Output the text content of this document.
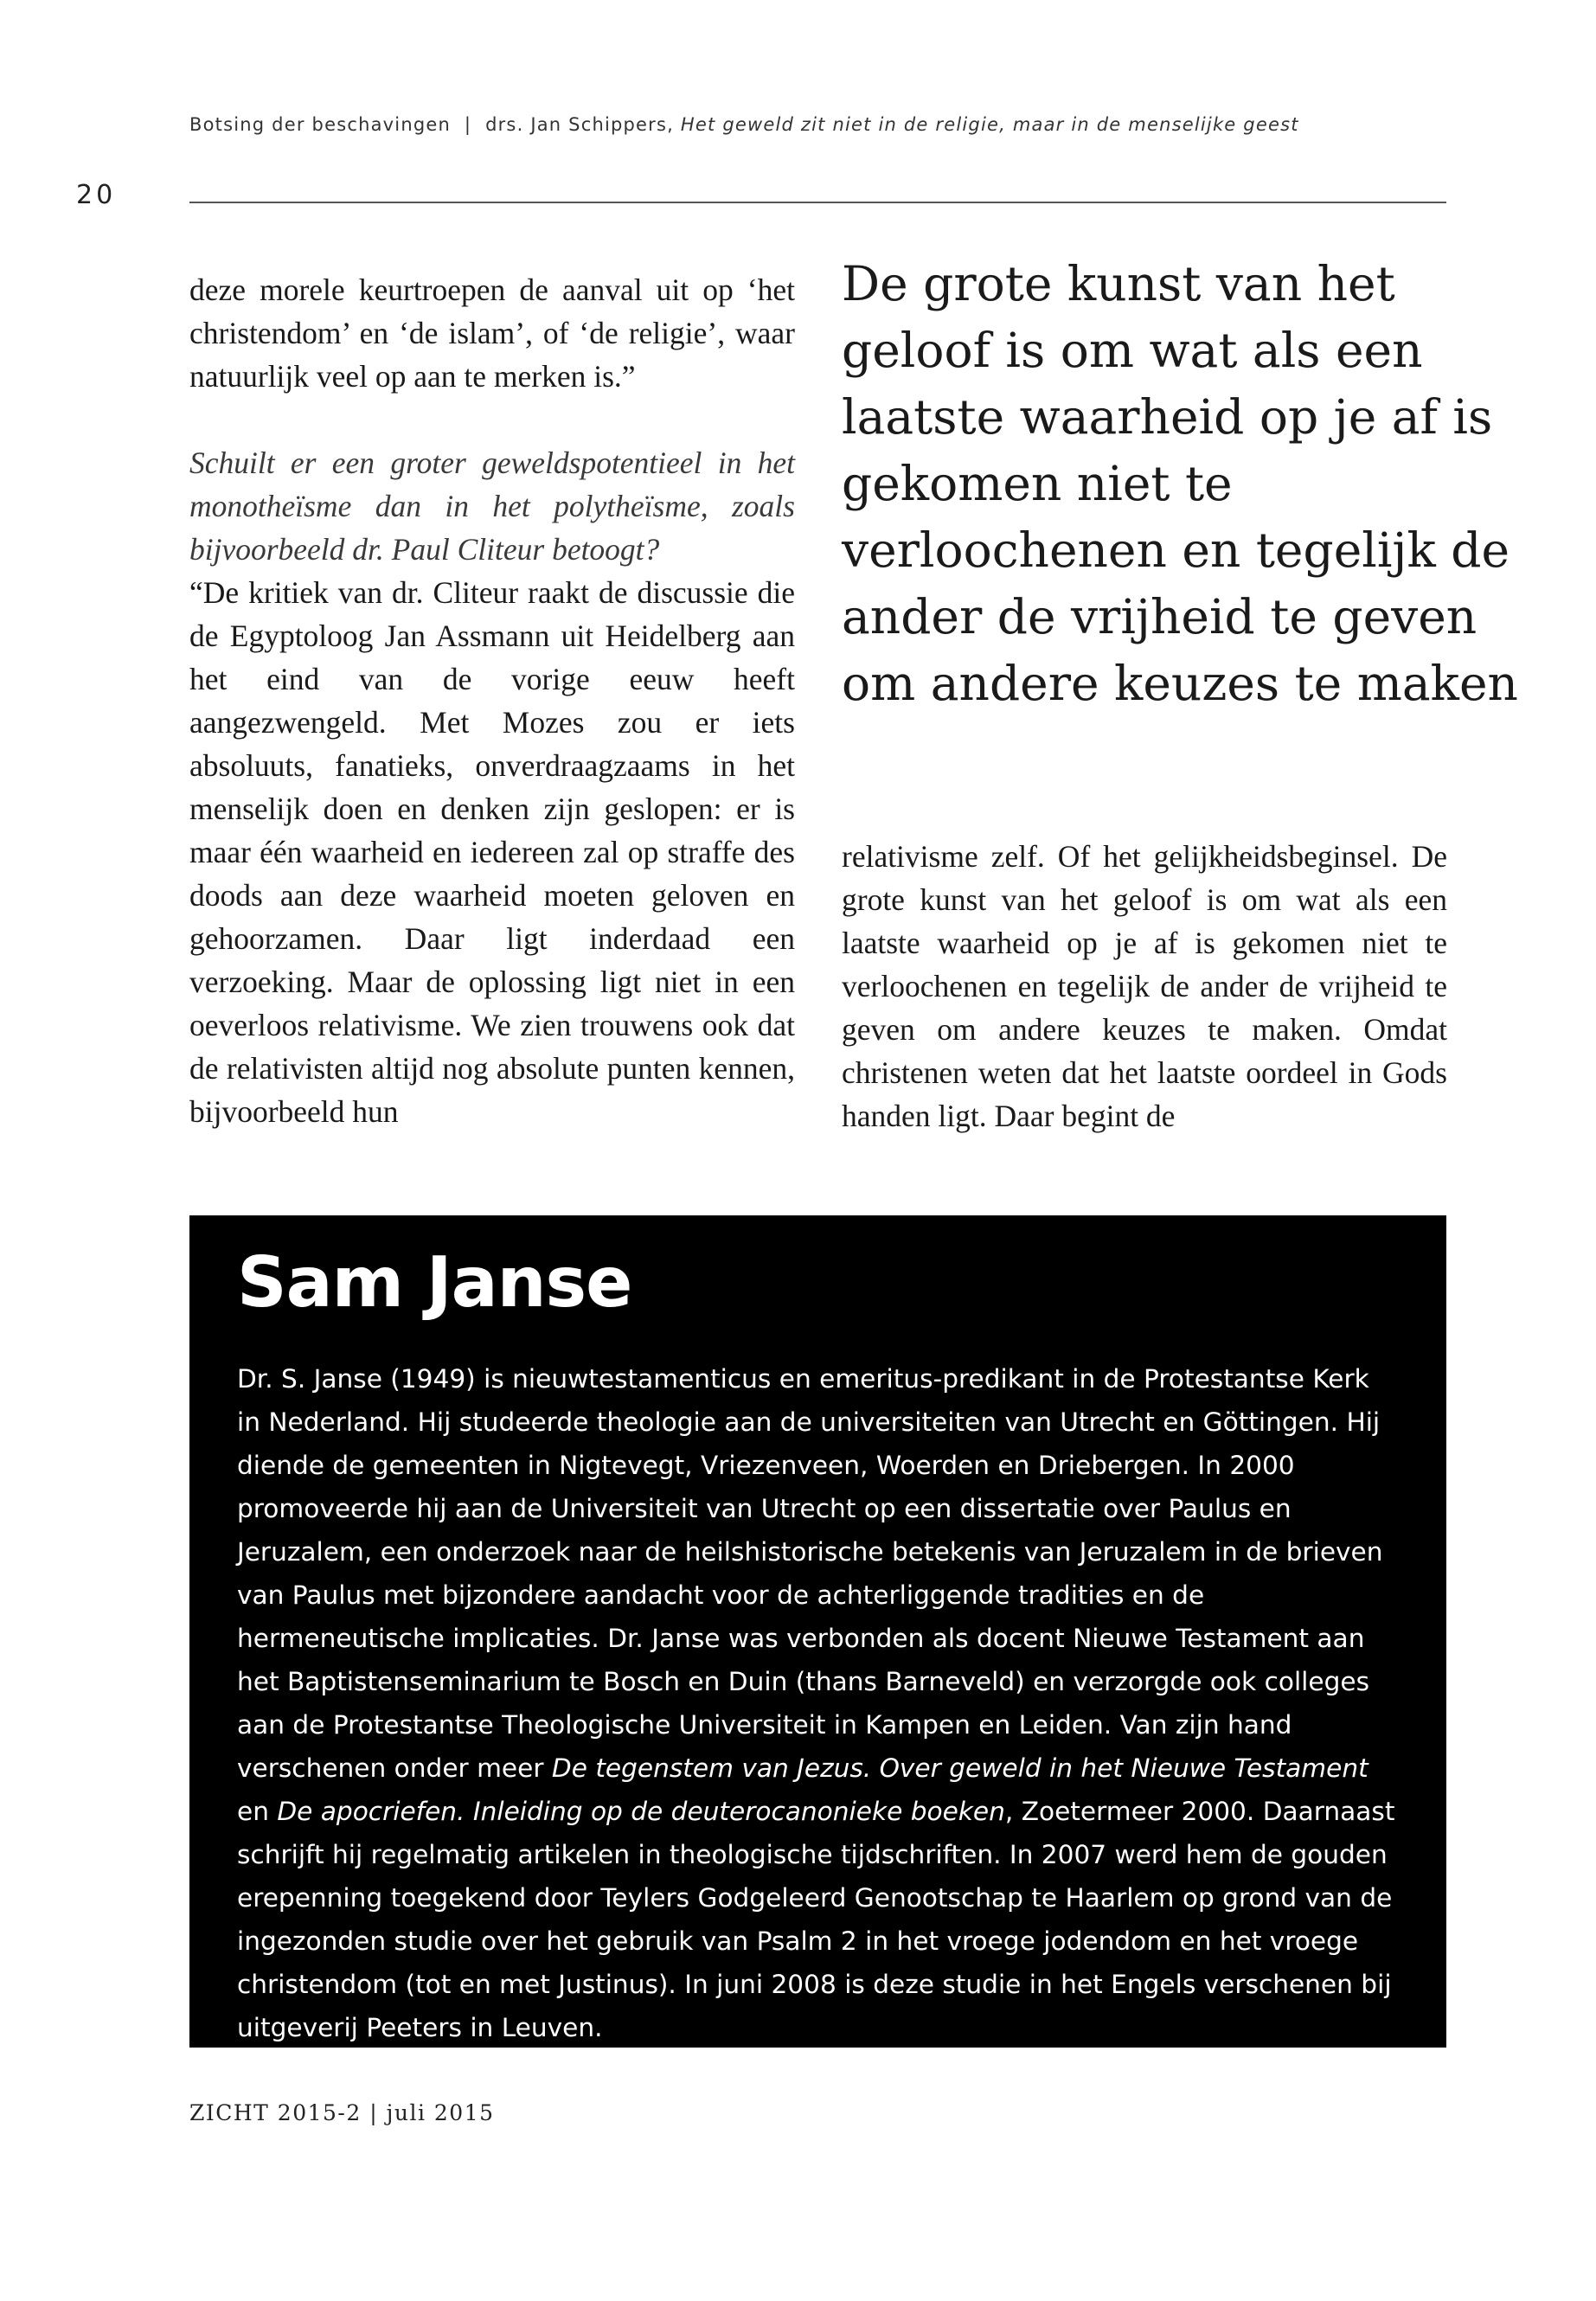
Botsing der beschavingen | drs. Jan Schippers, Het geweld zit niet in de religie, maar in de menselijke geest
20

deze morele keurtroepen de aanval uit op ‘het christendom’ en ‘de islam’, of ‘de religie’, waar natuurlijk veel op aan te merken is.”

Schuilt er een groter geweldspotentieel in het monotheïsme dan in het polytheïsme, zoals bijvoorbeeld dr. Paul Cliteur betoogt?

“De kritiek van dr. Cliteur raakt de discussie die de Egyptoloog Jan Assmann uit Heidelberg aan het eind van de vorige eeuw heeft aangezwengeld. Met Mozes zou er iets absoluuts, fanatieks, onverdraagzaams in het menselijk doen en denken zijn geslopen: er is maar één waarheid en iedereen zal op straffe des doods aan deze waarheid moeten geloven en gehoorzamen. Daar ligt inderdaad een verzoeking. Maar de oplossing ligt niet in een oeverloos relativisme. We zien trouwens ook dat de relativisten altijd nog absolute punten kennen, bijvoorbeeld hun

De grote kunst van het
geloof is om wat als een
laatste waarheid op je af is
gekomen niet te
verloochenen en tegelijk de
ander de vrijheid te geven
om andere keuzes te maken

relativisme zelf. Of het gelijkheidsbeginsel. De grote kunst van het geloof is om wat als een laatste waarheid op je af is gekomen niet te verloochenen en tegelijk de ander de vrijheid te geven om andere keuzes te maken. Omdat christenen weten dat het laatste oordeel in Gods handen ligt. Daar begint de

Sam Janse

Dr. S. Janse (1949) is nieuwtestamenticus en emeritus-predikant in de Protestantse Kerk in Nederland. Hij studeerde theologie aan de universiteiten van Utrecht en Göttingen. Hij diende de gemeenten in Nigtevegt, Vriezenveen, Woerden en Driebergen. In 2000 promoveerde hij aan de Universiteit van Utrecht op een dissertatie over Paulus en Jeruzalem, een onderzoek naar de heilshistorische betekenis van Jeruzalem in de brieven van Paulus met bijzondere aandacht voor de achterliggende tradities en de hermeneutische implicaties. Dr. Janse was verbonden als docent Nieuwe Testament aan het Baptistenseminarium te Bosch en Duin (thans Barneveld) en verzorgde ook colleges aan de Protestantse Theologische Universiteit in Kampen en Leiden. Van zijn hand verschenen onder meer De tegenstem van Jezus. Over geweld in het Nieuwe Testament en De apocriefen. Inleiding op de deuterocanonieke boeken, Zoetermeer 2000. Daarnaast schrijft hij regelmatig artikelen in theologische tijdschriften. In 2007 werd hem de gouden erepenning toegekend door Teylers Godgeleerd Genootschap te Haarlem op grond van de ingezonden studie over het gebruik van Psalm 2 in het vroege jodendom en het vroege christendom (tot en met Justinus). In juni 2008 is deze studie in het Engels verschenen bij uitgeverij Peeters in Leuven.

ZICHT 2015-2 | juli 2015
